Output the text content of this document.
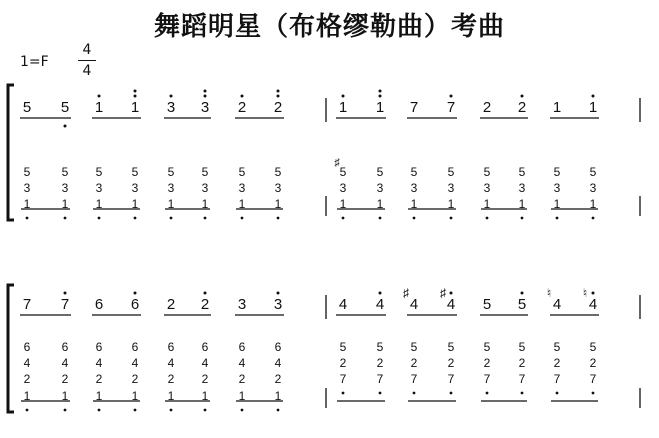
舞蹈明星（布格缪勒曲）考曲
1=F
4
4
5 5 1 1 3 3 2 2
5
3
1
5
3
1
5
3
1
5
3
1
5
3
1
5
3
1
5
3
1
5
3
1
1 1 7 7 2 2 1 1
5
3
1
♯
5
3
1
5
3
1
5
3
1
5
3
1
5
3
1
5
3
1
5
3
1
7 7 6 6 2 2 3 3
6
4
2
1
6
4
2
1
6
4
2
1
6
4
2
1
6
4
2
1
6
4
2
1
6
4
2
1
6
4
2
1
4 4 4
♯
4
♯
5 5 4
♮
4
♮
5
2
7
5
2
7
5
2
7
5
2
7
5
2
7
5
2
7
5
2
7
5
2
7
